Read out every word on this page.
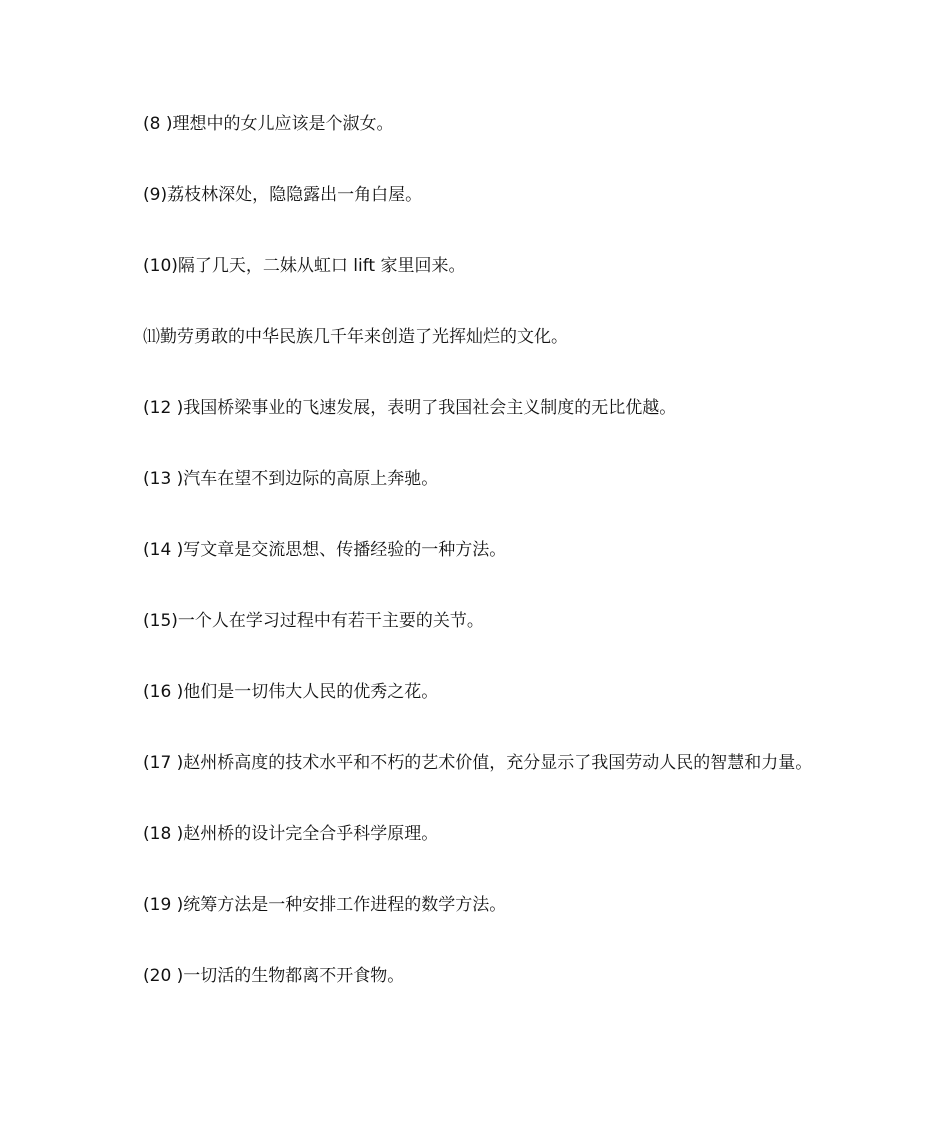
(8 )理想中的女儿应该是个淑女。
(9)荔枝林深处，隐隐露出一角白屋。
(10)隔了几天，二妹从虹口 lift 家里回来。
⑾勤劳勇敢的中华民族几千年来创造了光挥灿烂的文化。
(12 )我国桥梁事业的飞速发展，表明了我国社会主义制度的无比优越。
(13 )汽车在望不到边际的高原上奔驰。
(14 )写文章是交流思想、传播经验的一种方法。
(15)一个人在学习过程中有若干主要的关节。
(16 )他们是一切伟大人民的优秀之花。
(17 )赵州桥高度的技术水平和不朽的艺术价值，充分显示了我国劳动人民的智慧和力量。
(18 )赵州桥的设计完全合乎科学原理。
(19 )统筹方法是一种安排工作进程的数学方法。
(20 )一切活的生物都离不开食物。
